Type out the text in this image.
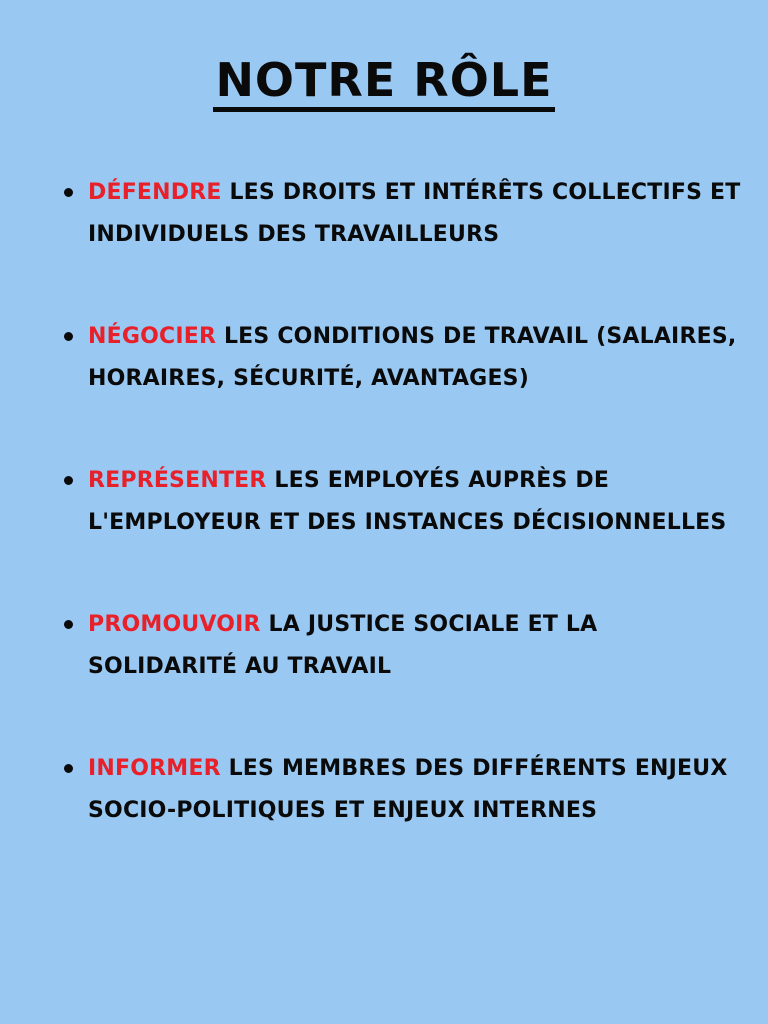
NOTRE RÔLE
DÉFENDRE LES DROITS ET INTÉRÊTS COLLECTIFS ET INDIVIDUELS DES TRAVAILLEURS
NÉGOCIER LES CONDITIONS DE TRAVAIL (SALAIRES, HORAIRES, SÉCURITÉ, AVANTAGES)
REPRÉSENTER LES EMPLOYÉS AUPRÈS DE L'EMPLOYEUR ET DES INSTANCES DÉCISIONNELLES
PROMOUVOIR LA JUSTICE SOCIALE ET LA SOLIDARITÉ AU TRAVAIL
INFORMER LES MEMBRES DES DIFFÉRENTS ENJEUX SOCIO-POLITIQUES ET ENJEUX INTERNES
